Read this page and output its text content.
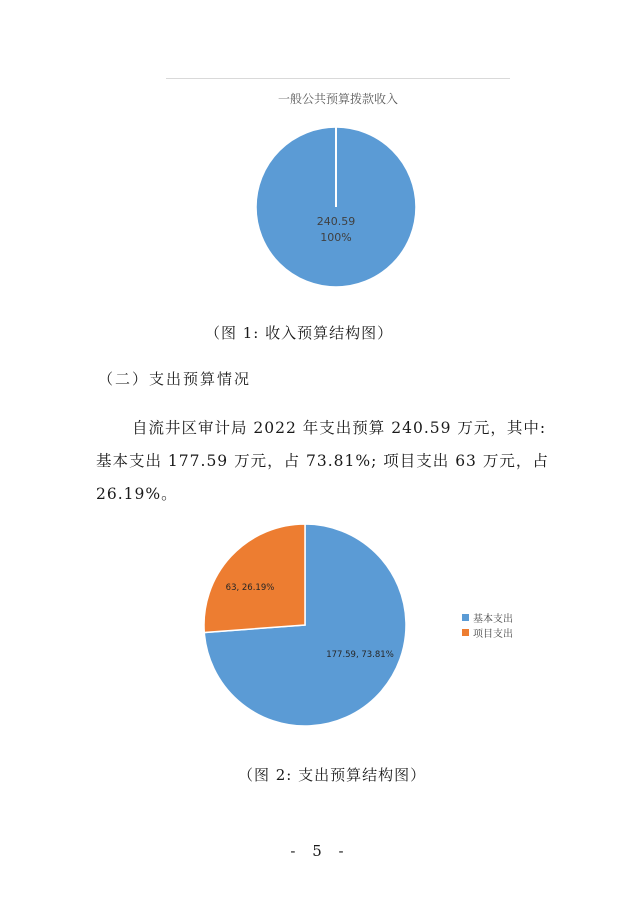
一般公共预算拨款收入
240.59
100%
（图 1: 收入预算结构图）
（二）支出预算情况

自流井区审计局 2022 年支出预算 240.59 万元，其中:

基本支出 177.59 万元，占 73.81%; 项目支出 63 万元，占

26.19%。

177.59, 73.81%
63, 26.19%
基本支出
项目支出
（图 2: 支出预算结构图）
- 5 -
